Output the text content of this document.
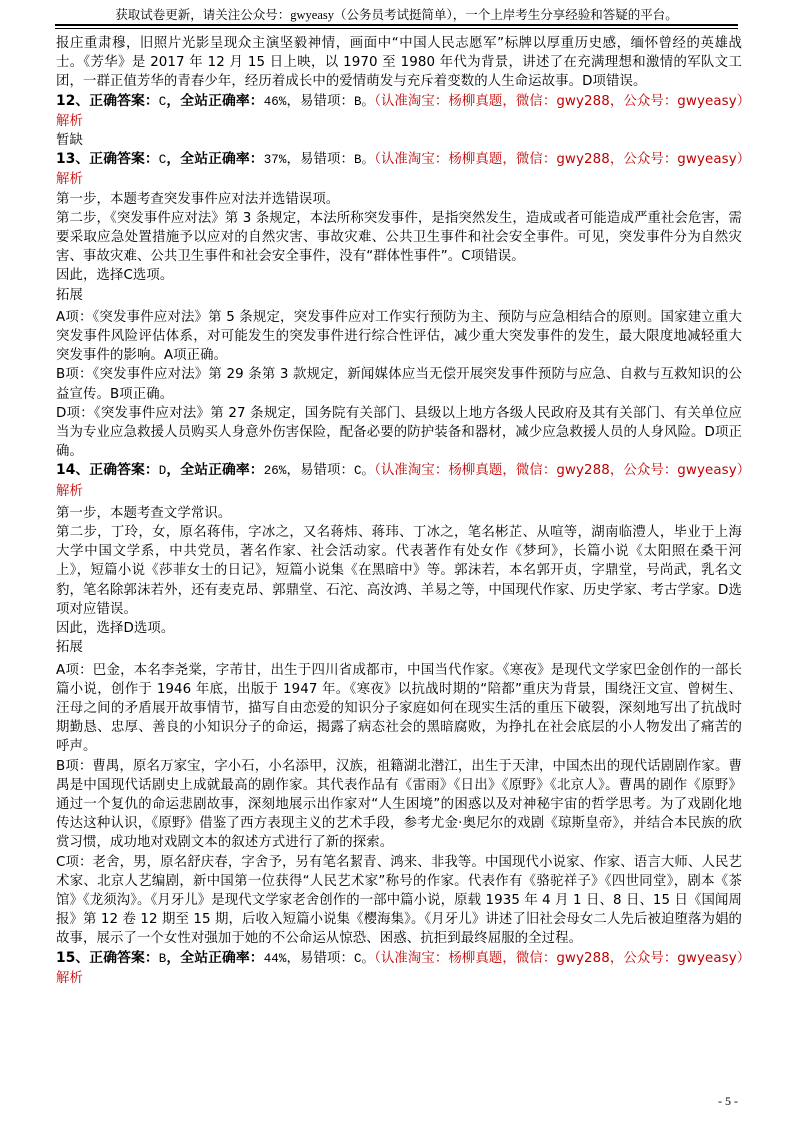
获取试卷更新，请关注公众号：gwyeasy（公务员考试挺简单），一个上岸考生分享经验和答疑的平台。

报庄重肃穆，旧照片光影呈现众主演坚毅神情，画面中“中国人民志愿军”标牌以厚重历史感，缅怀曾经的英雄战士。《芳华》是 2017 年 12 月 15 日上映，以 1970 至 1980 年代为背景，讲述了在充满理想和激情的军队文工团，一群正值芳华的青春少年，经历着成长中的爱情萌发与充斥着变数的人生命运故事。D项错误。

12、正确答案：C，全站正确率：46%，易错项：B。（认准淘宝：杨柳真题，微信：gwy288，公众号：gwyeasy）

解析

暂缺

13、正确答案：C，全站正确率：37%，易错项：B。（认准淘宝：杨柳真题，微信：gwy288，公众号：gwyeasy）

解析

第一步，本题考查突发事件应对法并选错误项。

第二步，《突发事件应对法》第 3 条规定，本法所称突发事件，是指突然发生，造成或者可能造成严重社会危害，需要采取应急处置措施予以应对的自然灾害、事故灾难、公共卫生事件和社会安全事件。可见，突发事件分为自然灾害、事故灾难、公共卫生事件和社会安全事件，没有“群体性事件”。C项错误。

因此，选择C选项。

拓展

A项：《突发事件应对法》第 5 条规定，突发事件应对工作实行预防为主、预防与应急相结合的原则。国家建立重大突发事件风险评估体系，对可能发生的突发事件进行综合性评估，减少重大突发事件的发生，最大限度地减轻重大突发事件的影响。A项正确。

B项：《突发事件应对法》第 29 条第 3 款规定，新闻媒体应当无偿开展突发事件预防与应急、自救与互救知识的公益宣传。B项正确。

D项：《突发事件应对法》第 27 条规定，国务院有关部门、县级以上地方各级人民政府及其有关部门、有关单位应当为专业应急救援人员购买人身意外伤害保险，配备必要的防护装备和器材，减少应急救援人员的人身风险。D项正确。

14、正确答案：D，全站正确率：26%，易错项：C。（认准淘宝：杨柳真题，微信：gwy288，公众号：gwyeasy）

解析

第一步，本题考查文学常识。

第二步，丁玲，女，原名蒋伟，字冰之，又名蒋炜、蒋玮、丁冰之，笔名彬芷、从喧等，湖南临澧人，毕业于上海大学中国文学系，中共党员，著名作家、社会活动家。代表著作有处女作《梦珂》，长篇小说《太阳照在桑干河上》，短篇小说《莎菲女士的日记》，短篇小说集《在黑暗中》等。郭沫若，本名郭开贞，字鼎堂，号尚武，乳名文豹，笔名除郭沫若外，还有麦克昂、郭鼎堂、石沱、高汝鸿、羊易之等，中国现代作家、历史学家、考古学家。D选项对应错误。

因此，选择D选项。

拓展

A项：巴金，本名李尧棠，字芾甘，出生于四川省成都市，中国当代作家。《寒夜》是现代文学家巴金创作的一部长篇小说，创作于 1946 年底，出版于 1947 年。《寒夜》以抗战时期的“陪都”重庆为背景，围绕汪文宣、曾树生、汪母之间的矛盾展开故事情节，描写自由恋爱的知识分子家庭如何在现实生活的重压下破裂，深刻地写出了抗战时期勤恳、忠厚、善良的小知识分子的命运，揭露了病态社会的黑暗腐败，为挣扎在社会底层的小人物发出了痛苦的呼声。

B项：曹禺，原名万家宝，字小石，小名添甲，汉族，祖籍湖北潜江，出生于天津，中国杰出的现代话剧剧作家。曹禺是中国现代话剧史上成就最高的剧作家。其代表作品有《雷雨》《日出》《原野》《北京人》。曹禺的剧作《原野》通过一个复仇的命运悲剧故事，深刻地展示出作家对“人生困境”的困惑以及对神秘宇宙的哲学思考。为了戏剧化地传达这种认识，《原野》借鉴了西方表现主义的艺术手段，参考尤金·奥尼尔的戏剧《琼斯皇帝》，并结合本民族的欣赏习惯，成功地对戏剧文本的叙述方式进行了新的探索。

C项：老舍，男，原名舒庆春，字舍予，另有笔名絜青、鸿来、非我等。中国现代小说家、作家、语言大师、人民艺术家、北京人艺编剧，新中国第一位获得“人民艺术家”称号的作家。代表作有《骆驼祥子》《四世同堂》，剧本《茶馆》《龙须沟》。《月牙儿》是现代文学家老舍创作的一部中篇小说，原载 1935 年 4 月 1 日、8 日、15 日《国闻周报》第 12 卷 12 期至 15 期，后收入短篇小说集《樱海集》。《月牙儿》讲述了旧社会母女二人先后被迫堕落为娼的故事，展示了一个女性对强加于她的不公命运从惊恐、困惑、抗拒到最终屈服的全过程。

15、正确答案：B，全站正确率：44%，易错项：C。（认准淘宝：杨柳真题，微信：gwy288，公众号：gwyeasy）

解析

- 5 -
